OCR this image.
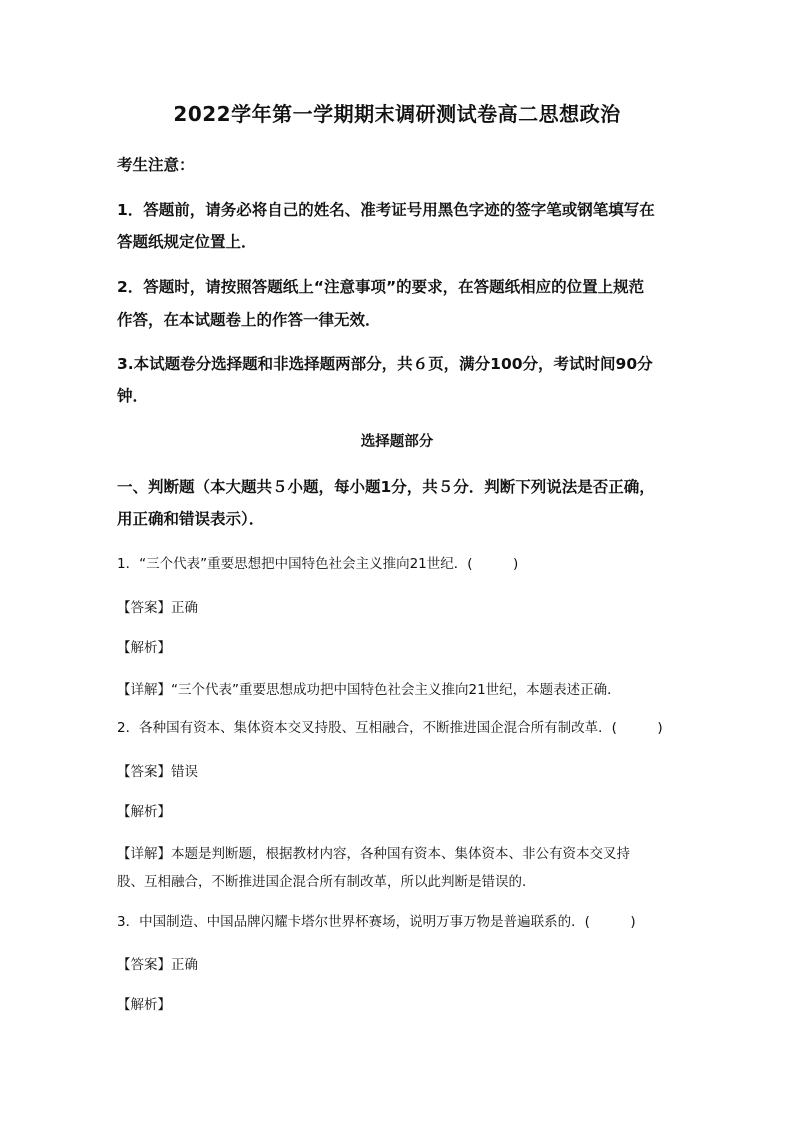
2022学年第一学期期末调研测试卷高二思想政治
考生注意：
1．答题前，请务必将自己的姓名、准考证号用黑色字迹的签字笔或钢笔填写在
答题纸规定位置上．
2．答题时，请按照答题纸上“注意事项”的要求，在答题纸相应的位置上规范
作答，在本试题卷上的作答一律无效．
3.本试题卷分选择题和非选择题两部分，共６页，满分100分，考试时间90分
钟．
选择题部分
一、判断题（本大题共５小题，每小题1分，共５分．判断下列说法是否正确，
用正确和错误表示）．
1．“三个代表”重要思想把中国特色社会主义推向21世纪．(　　　)
【答案】正确
【解析】
【详解】“三个代表”重要思想成功把中国特色社会主义推向21世纪，本题表述正确．
2．各种国有资本、集体资本交叉持股、互相融合，不断推进国企混合所有制改革．(　　　)
【答案】错误
【解析】
【详解】本题是判断题，根据教材内容，各种国有资本、集体资本、非公有资本交叉持
股、互相融合，不断推进国企混合所有制改革，所以此判断是错误的．
3．中国制造、中国品牌闪耀卡塔尔世界杯赛场，说明万事万物是普遍联系的．(　　　)
【答案】正确
【解析】
